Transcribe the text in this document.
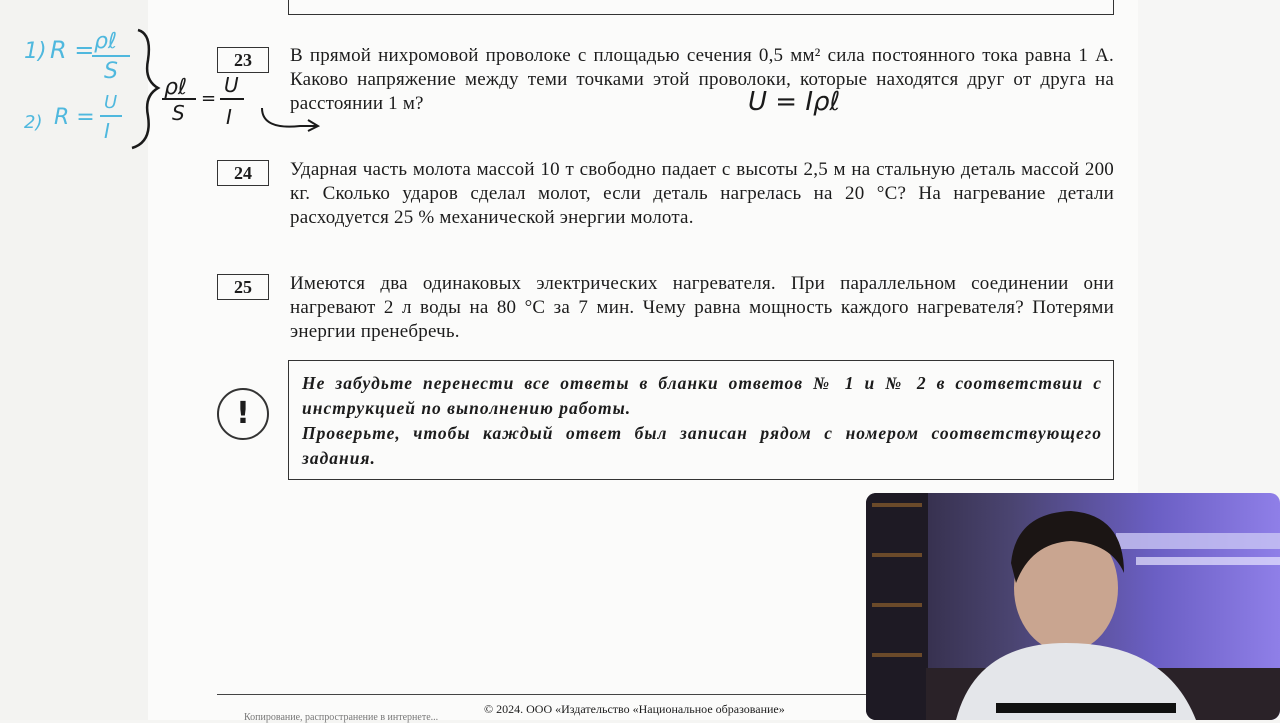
23	В прямой нихромовой проволоке с площадью сечения 0,5 мм² сила постоянного тока равна 1 А. Каково напряжение между теми точками этой проволоки, которые находятся друг от друга на расстоянии 1 м?
24	Ударная часть молота массой 10 т свободно падает с высоты 2,5 м на стальную деталь массой 200 кг. Сколько ударов сделал молот, если деталь нагрелась на 20 °C? На нагревание детали расходуется 25 % механической энергии молота.
25	Имеются два одинаковых электрических нагревателя. При параллельном соединении они нагревают 2 л воды на 80 °C за 7 мин. Чему равна мощность каждого нагревателя? Потерями энергии пренебречь.
!
Не забудьте перенести все ответы в бланки ответов № 1 и № 2 в соответствии с инструкцией по выполнению работы.
Проверьте, чтобы каждый ответ был записан рядом с номером соответствующего задания.
© 2024. ООО «Издательство «Национальное образование»
Копирование, распространение в интернете...
1)
2)
R = ρℓ
S
R =
U
I
ρℓ
S
=
U
I	U = Iρℓ
